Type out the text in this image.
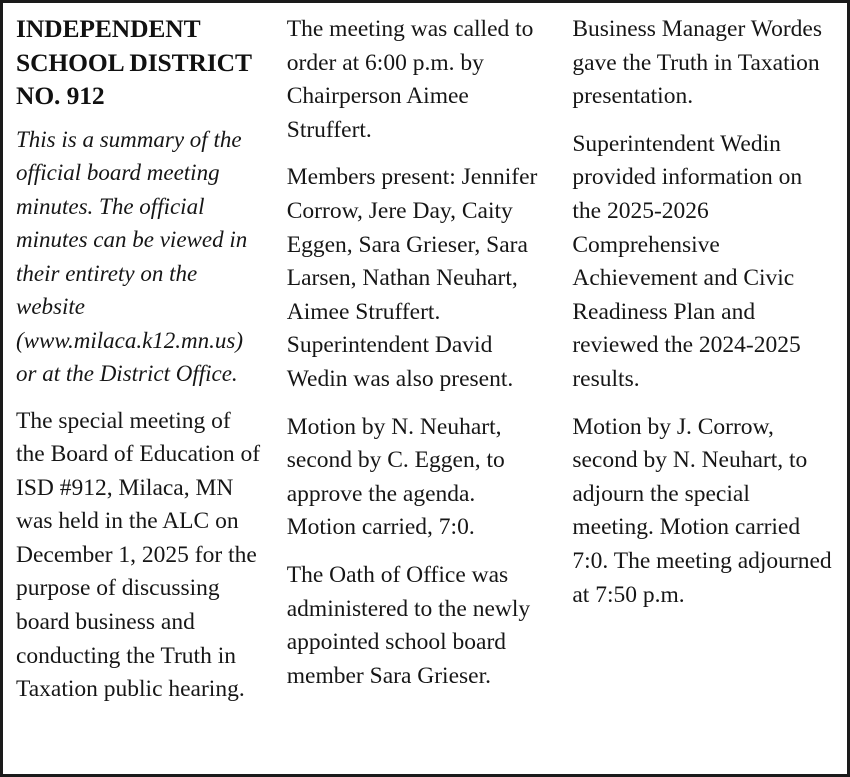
INDEPENDENT SCHOOL DISTRICT NO. 912

This is a summary of the official board meeting minutes. The official minutes can be viewed in their entirety on the website (www.milaca.k12.mn.us) or at the District Office.

The special meeting of the Board of Education of ISD #912, Milaca, MN was held in the ALC on December 1, 2025 for the purpose of discussing board business and conducting the Truth in Taxation public hearing.

The meeting was called to order at 6:00 p.m. by Chairperson Aimee Struffert.

Members present: Jennifer Corrow, Jere Day, Caity Eggen, Sara Grieser, Sara Larsen, Nathan Neuhart, Aimee Struffert. Superintendent David Wedin was also present.

Motion by N. Neuhart, second by C. Eggen, to approve the agenda. Motion carried, 7:0.

The Oath of Office was administered to the newly appointed school board member Sara Grieser.

Business Manager Wordes gave the Truth in Taxation presentation.

Superintendent Wedin provided information on the 2025-2026 Comprehensive Achievement and Civic Readiness Plan and reviewed the 2024-2025 results.

Motion by J. Corrow, second by N. Neuhart, to adjourn the special meeting. Motion carried 7:0. The meeting adjourned at 7:50 p.m.
